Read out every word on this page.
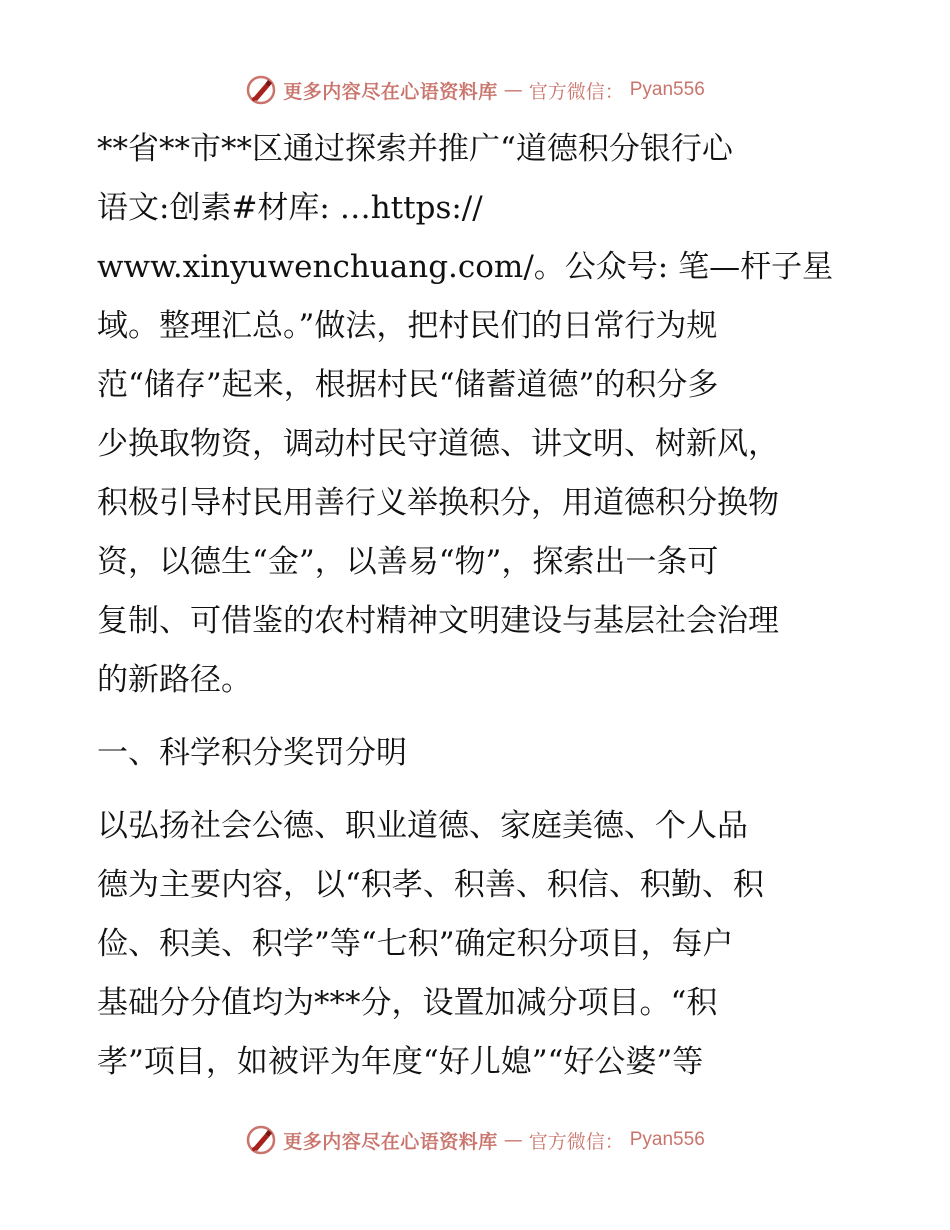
更多内容尽在心语资料库 — 官方微信： Pyan556
**省**市**区通过探索并推广“道德积分银行心
语文:创素#材库: …https://
www.xinyuwenchuang.com/。公众号: 笔—杆子星
域。整理汇总。”做法，把村民们的日常行为规
范“储存”起来，根据村民“储蓄道德”的积分多
少换取物资，调动村民守道德、讲文明、树新风，
积极引导村民用善行义举换积分，用道德积分换物
资，以德生“金”，以善易“物”，探索出一条可
复制、可借鉴的农村精神文明建设与基层社会治理
的新路径。
一、科学积分奖罚分明
以弘扬社会公德、职业道德、家庭美德、个人品
德为主要内容，以“积孝、积善、积信、积勤、积
俭、积美、积学”等“七积”确定积分项目，每户
基础分分值均为***分，设置加减分项目。“积
孝”项目，如被评为年度“好儿媳”“好公婆”等
更多内容尽在心语资料库 — 官方微信： Pyan556
